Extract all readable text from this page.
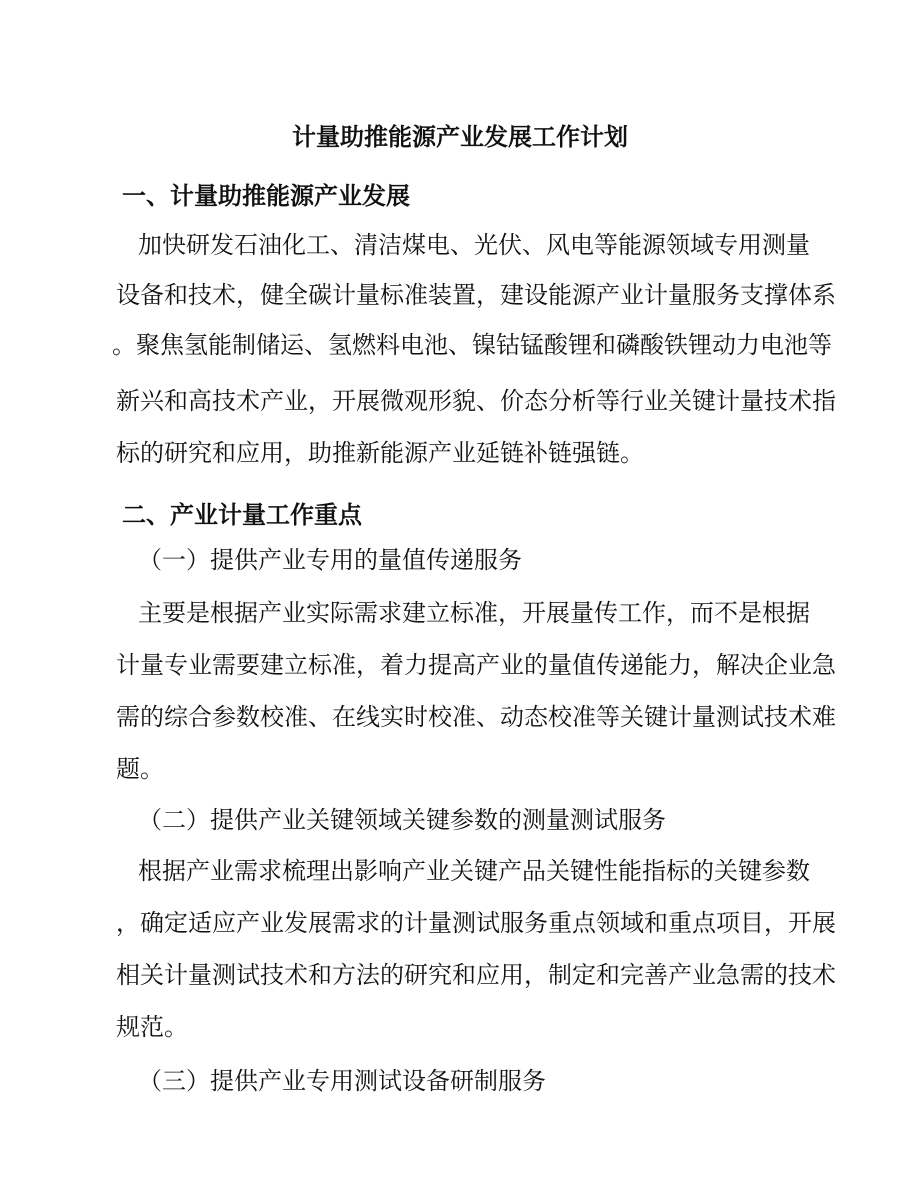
计量助推能源产业发展工作计划
一、计量助推能源产业发展
加快研发石油化工、清洁煤电、光伏、风电等能源领域专用测量
设备和技术，健全碳计量标准装置，建设能源产业计量服务支撑体系
。聚焦氢能制储运、氢燃料电池、镍钴锰酸锂和磷酸铁锂动力电池等
新兴和高技术产业，开展微观形貌、价态分析等行业关键计量技术指
标的研究和应用，助推新能源产业延链补链强链。
二、产业计量工作重点
（一）提供产业专用的量值传递服务
主要是根据产业实际需求建立标准，开展量传工作，而不是根据
计量专业需要建立标准，着力提高产业的量值传递能力，解决企业急
需的综合参数校准、在线实时校准、动态校准等关键计量测试技术难
题。
（二）提供产业关键领域关键参数的测量测试服务
根据产业需求梳理出影响产业关键产品关键性能指标的关键参数
，确定适应产业发展需求的计量测试服务重点领域和重点项目，开展
相关计量测试技术和方法的研究和应用，制定和完善产业急需的技术
规范。
（三）提供产业专用测试设备研制服务
